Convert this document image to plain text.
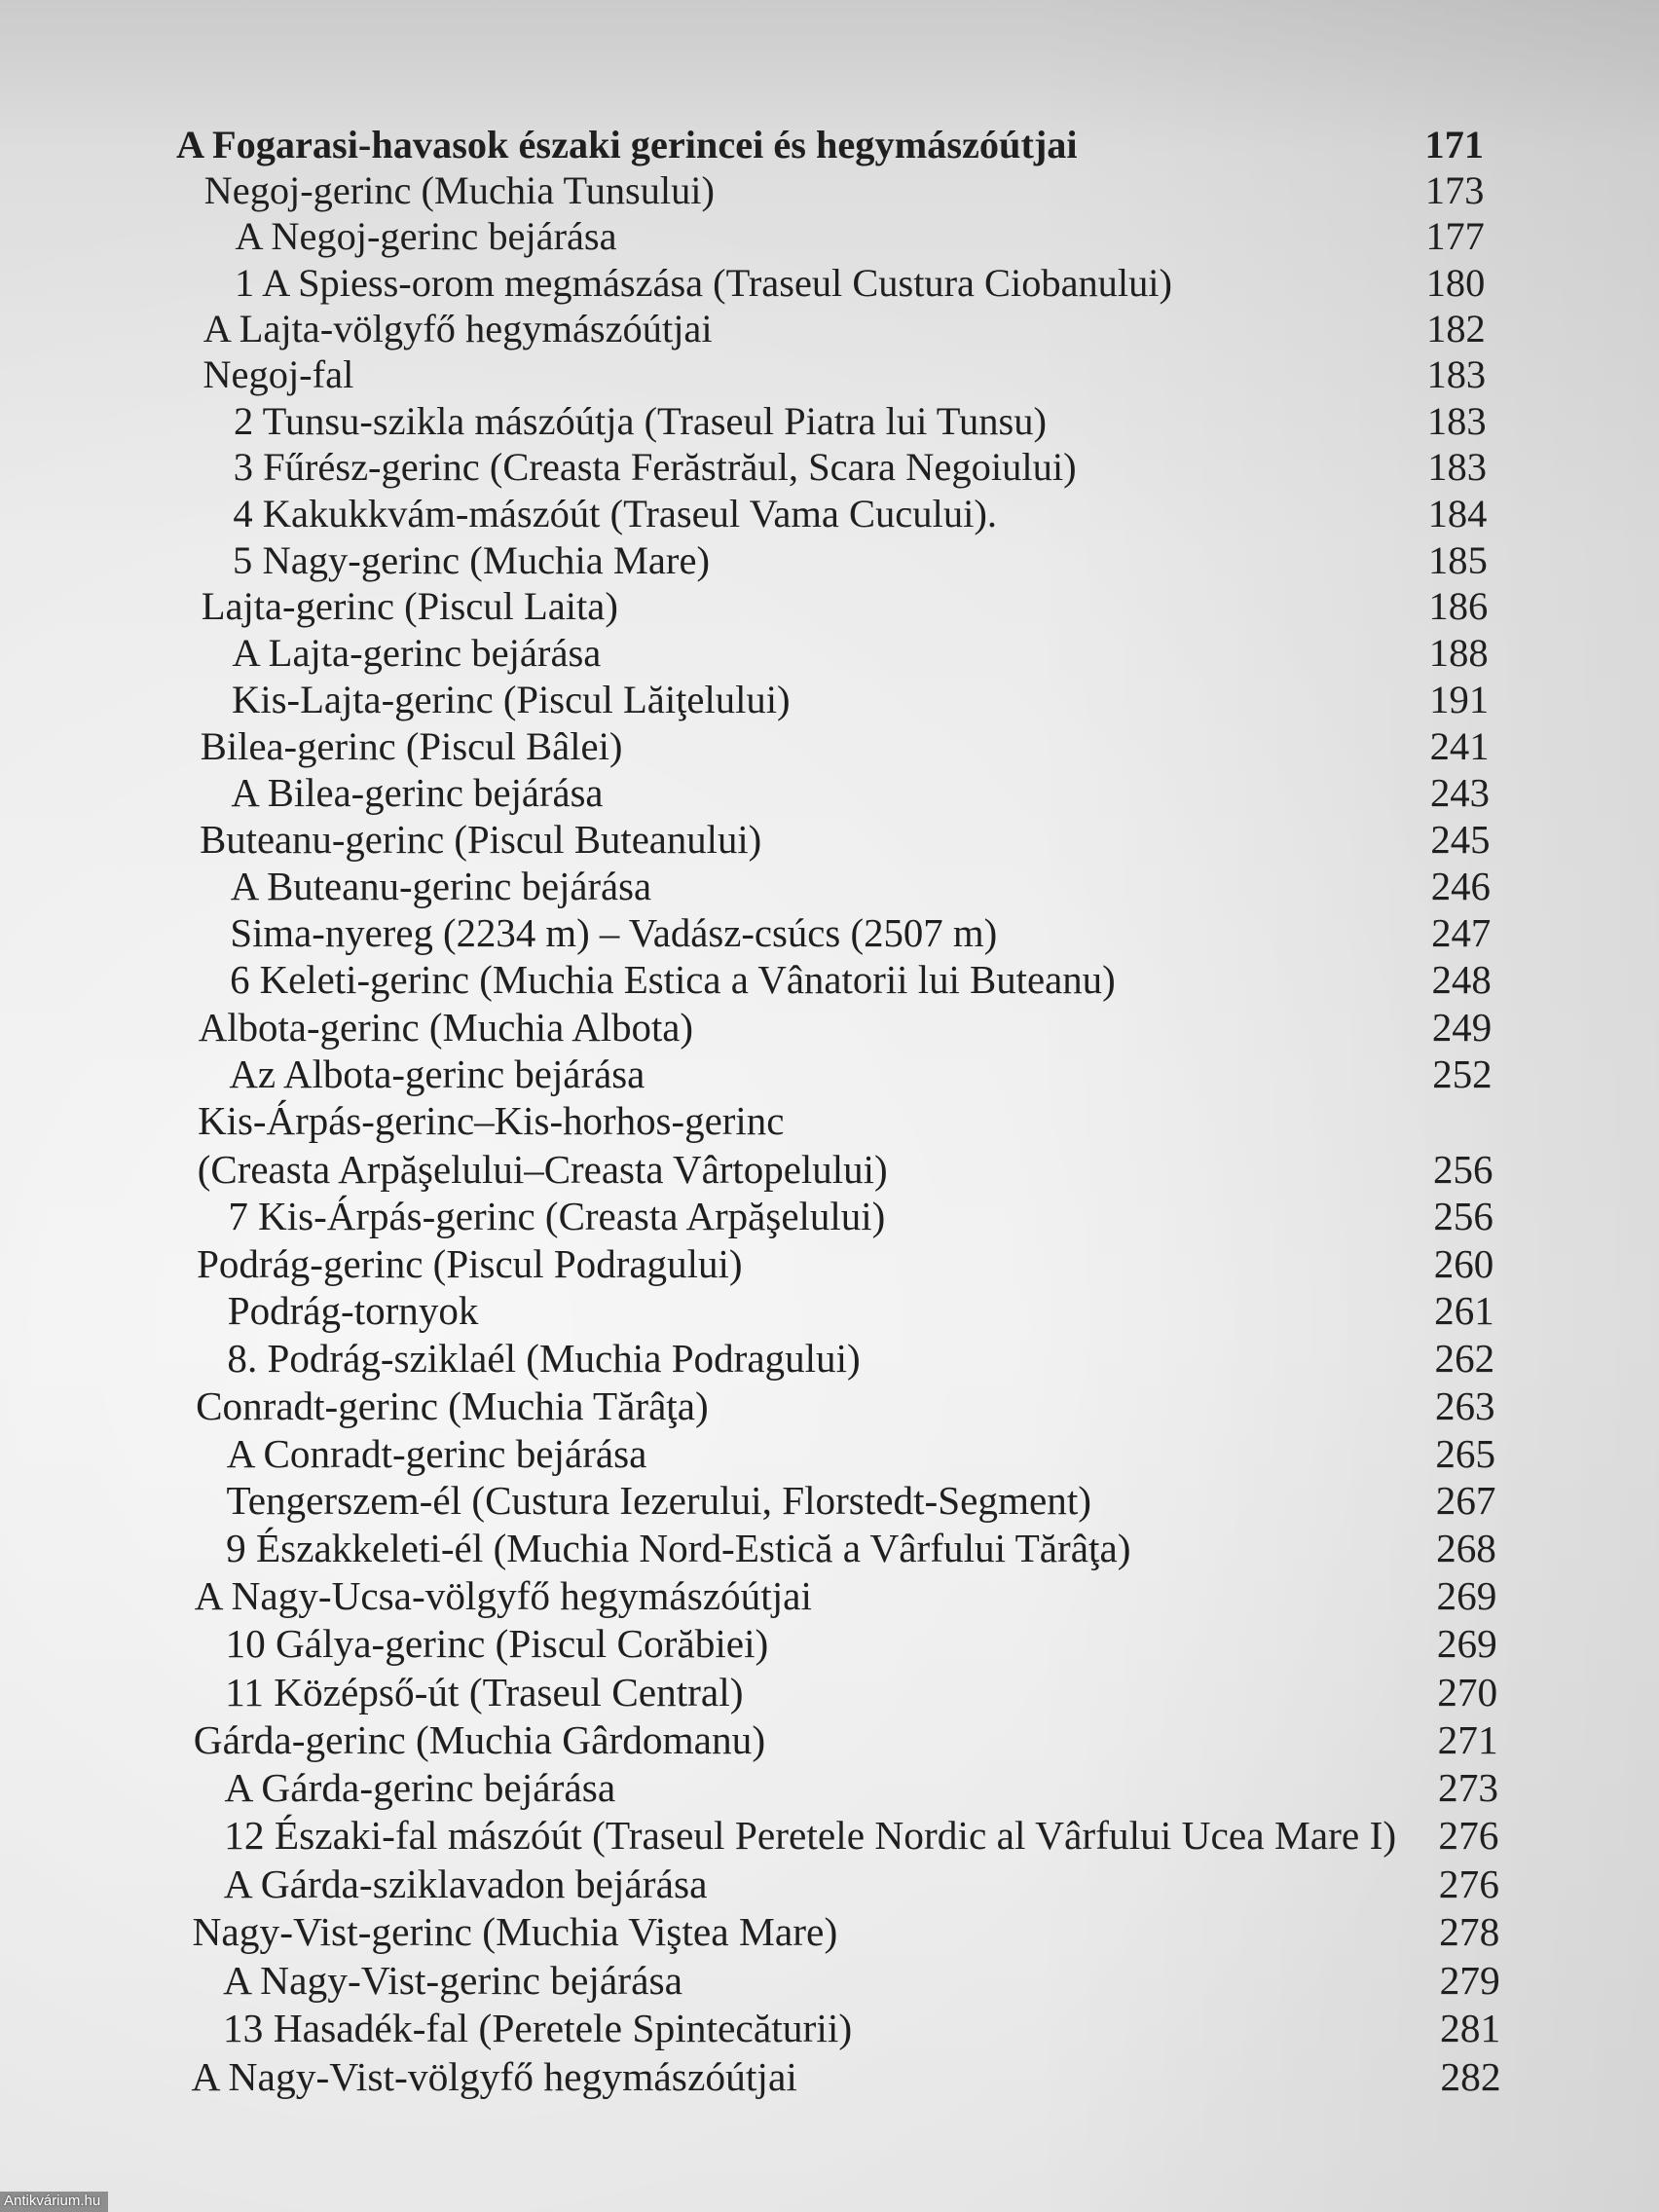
A Fogarasi-havasok északi gerincei és hegymászóútjai	171
Negoj-gerinc (Muchia Tunsului)	173
A Negoj-gerinc bejárása	177
1 A Spiess-orom megmászása (Traseul Custura Ciobanului)	180
A Lajta-völgyfő hegymászóútjai	182
Negoj-fal	183
2 Tunsu-szikla mászóútja (Traseul Piatra lui Tunsu)	183
3 Fűrész-gerinc (Creasta Ferăstrăul, Scara Negoiului)	183
4 Kakukkvám-mászóút (Traseul Vama Cucului).	184
5 Nagy-gerinc (Muchia Mare)	185
Lajta-gerinc (Piscul Laita)	186
A Lajta-gerinc bejárása	188
Kis-Lajta-gerinc (Piscul Lăiţelului)	191
Bilea-gerinc (Piscul Bâlei)	241
A Bilea-gerinc bejárása	243
Buteanu-gerinc (Piscul Buteanului)	245
A Buteanu-gerinc bejárása	246
Sima-nyereg (2234 m) – Vadász-csúcs (2507 m)	247
6 Keleti-gerinc (Muchia Estica a Vânatorii lui Buteanu)	248
Albota-gerinc (Muchia Albota)	249
Az Albota-gerinc bejárása	252
Kis-Árpás-gerinc–Kis-horhos-gerinc
(Creasta Arpăşelului–Creasta Vârtopelului)	256
7 Kis-Árpás-gerinc (Creasta Arpăşelului)	256
Podrág-gerinc (Piscul Podragului)	260
Podrág-tornyok	261
8. Podrág-sziklaél (Muchia Podragului)	262
Conradt-gerinc (Muchia Tărâţa)	263
A Conradt-gerinc bejárása	265
Tengerszem-él (Custura Iezerului, Florstedt-Segment)	267
9 Északkeleti-él (Muchia Nord-Estică a Vârfului Tărâţa)	268
A Nagy-Ucsa-völgyfő hegymászóútjai	269
10 Gálya-gerinc (Piscul Corăbiei)	269
11 Középső-út (Traseul Central)	270
Gárda-gerinc (Muchia Gârdomanu)	271
A Gárda-gerinc bejárása	273
12 Északi-fal mászóút (Traseul Peretele Nordic al Vârfului Ucea Mare I) 276
A Gárda-sziklavadon bejárása	276
Nagy-Vist-gerinc (Muchia Viştea Mare)	278
A Nagy-Vist-gerinc bejárása	279
13 Hasadék-fal (Peretele Spintecăturii)	281
A Nagy-Vist-völgyfő hegymászóútjai	282
Antikvárium.hu
